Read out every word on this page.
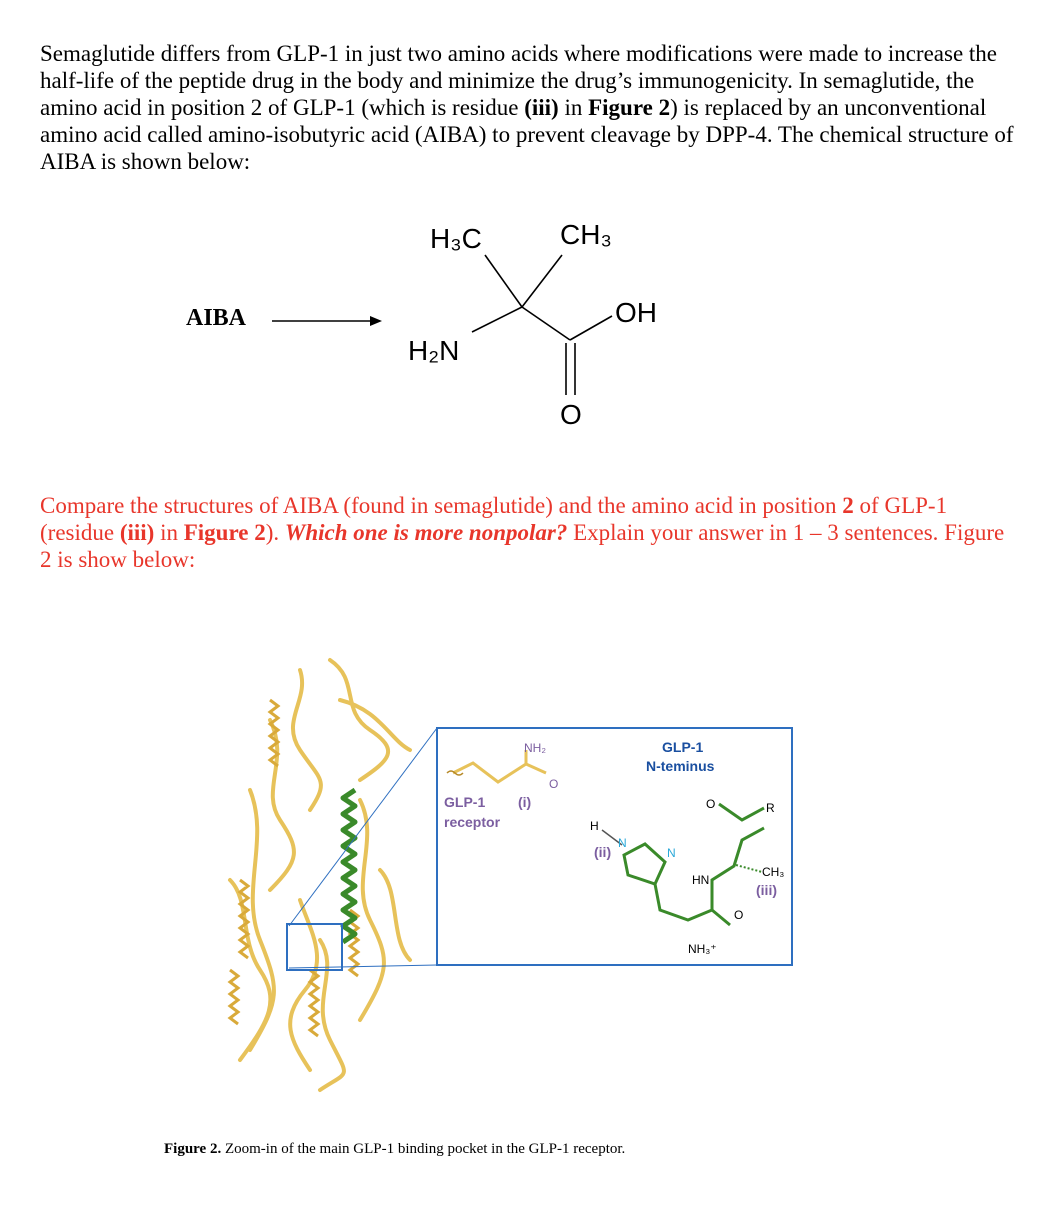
Semaglutide differs from GLP-1 in just two amino acids where modifications were made to increase the half-life of the peptide drug in the body and minimize the drug’s immunogenicity. In semaglutide, the amino acid in position 2 of GLP-1 (which is residue (iii) in Figure 2) is replaced by an unconventional amino acid called amino-isobutyric acid (AIBA) to prevent cleavage by DPP-4. The chemical structure of AIBA is shown below:
AIBA
H₃C	CH₃
H₂N
OH
O
Compare the structures of AIBA (found in semaglutide) and the amino acid in position 2 of GLP-1 (residue (iii) in Figure 2). Which one is more nonpolar? Explain your answer in 1 – 3 sentences. Figure 2 is show below:
NH₂
O
GLP-1
receptor
(i)
H
(ii)
N
N
GLP-1
N-teminus
O	R
HN
CH₃
(iii)
O
NH₃⁺
Figure 2. Zoom-in of the main GLP-1 binding pocket in the GLP-1 receptor.
